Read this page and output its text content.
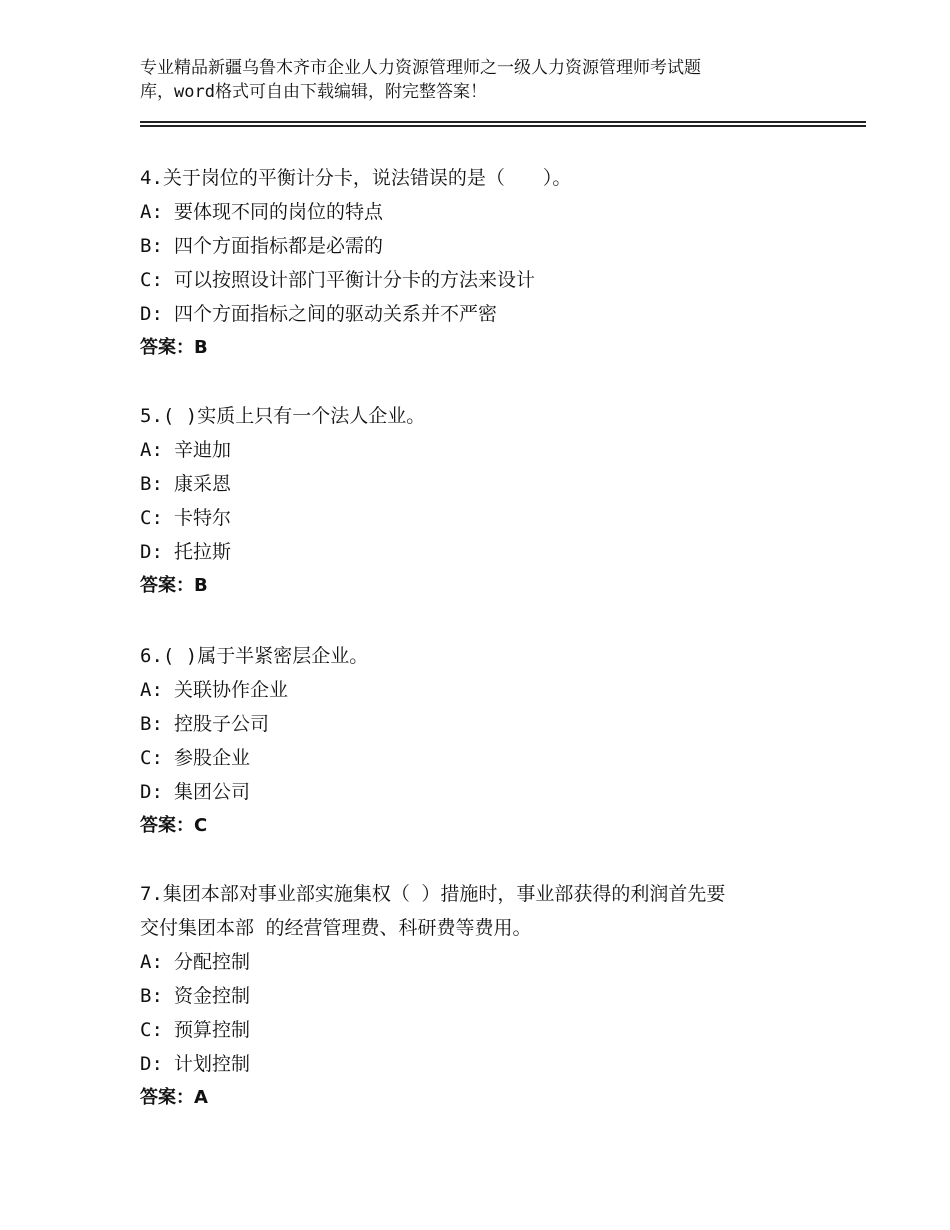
专业精品新疆乌鲁木齐市企业人力资源管理师之一级人力资源管理师考试题
库，word格式可自由下载编辑，附完整答案！
4.关于岗位的平衡计分卡，说法错误的是（　　）。
A: 要体现不同的岗位的特点
B: 四个方面指标都是必需的
C: 可以按照设计部门平衡计分卡的方法来设计
D: 四个方面指标之间的驱动关系并不严密
答案：B
5.( )实质上只有一个法人企业。
A: 辛迪加
B: 康采恩
C: 卡特尔
D: 托拉斯
答案：B
6.( )属于半紧密层企业。
A: 关联协作企业
B: 控股子公司
C: 参股企业
D: 集团公司
答案：C
7.集团本部对事业部实施集权（ ）措施时，事业部获得的利润首先要
交付集团本部 的经营管理费、科研费等费用。
A: 分配控制
B: 资金控制
C: 预算控制
D: 计划控制
答案：A
